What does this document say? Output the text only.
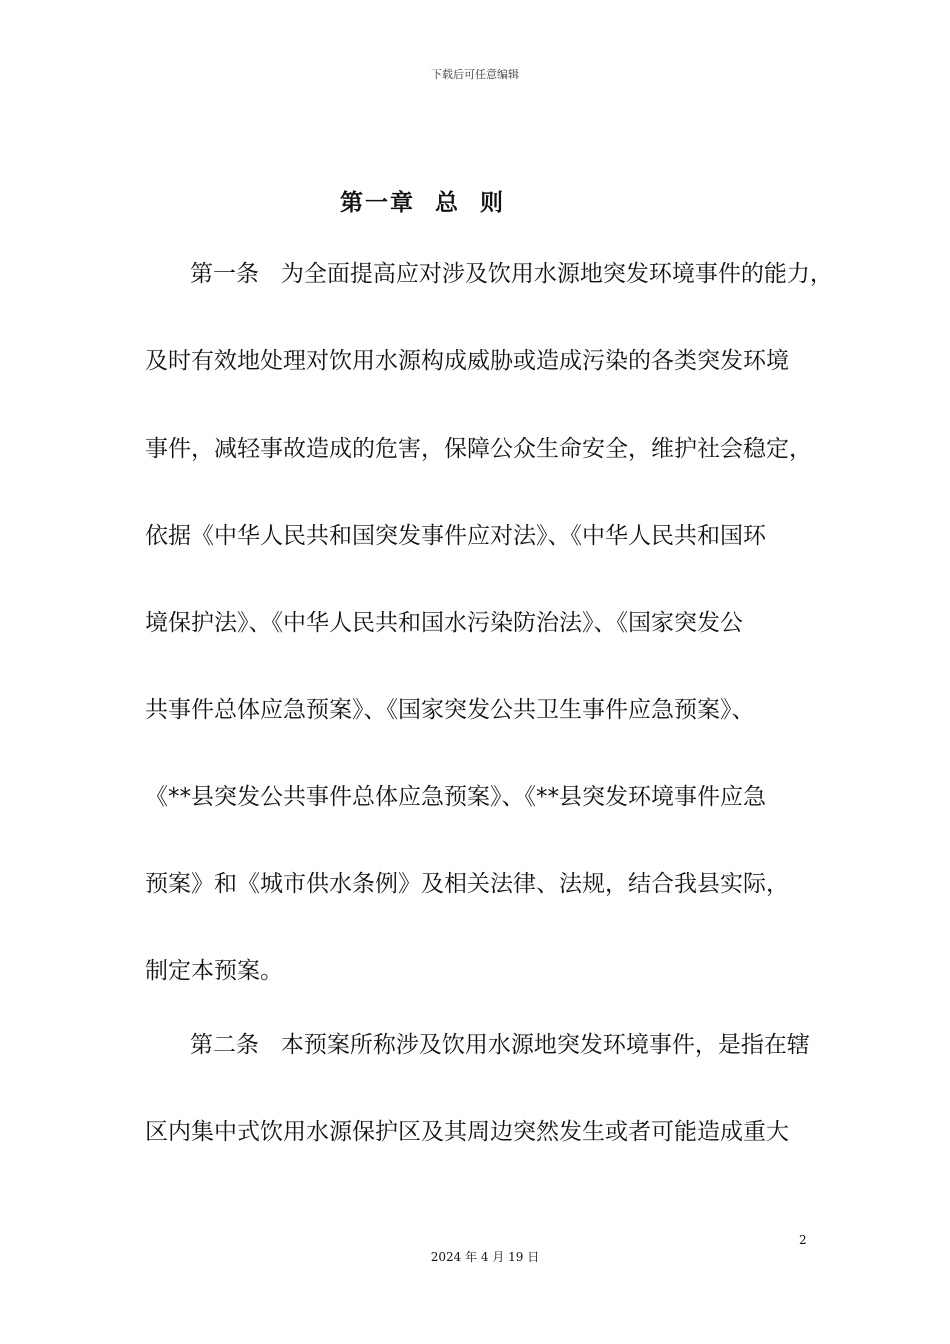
下载后可任意编辑
第一章  总  则
第一条   为全面提高应对涉及饮用水源地突发环境事件的能力，
及时有效地处理对饮用水源构成威胁或造成污染的各类突发环境
事件，减轻事故造成的危害，保障公众生命安全，维护社会稳定，
依据《中华人民共和国突发事件应对法》、《中华人民共和国环
境保护法》、《中华人民共和国水污染防治法》、《国家突发公
共事件总体应急预案》、《国家突发公共卫生事件应急预案》、
《**县突发公共事件总体应急预案》、《**县突发环境事件应急
预案》和《城市供水条例》及相关法律、法规，结合我县实际，
制定本预案。
第二条   本预案所称涉及饮用水源地突发环境事件，是指在辖
区内集中式饮用水源保护区及其周边突然发生或者可能造成重大
2
2024 年 4 月 19 日
